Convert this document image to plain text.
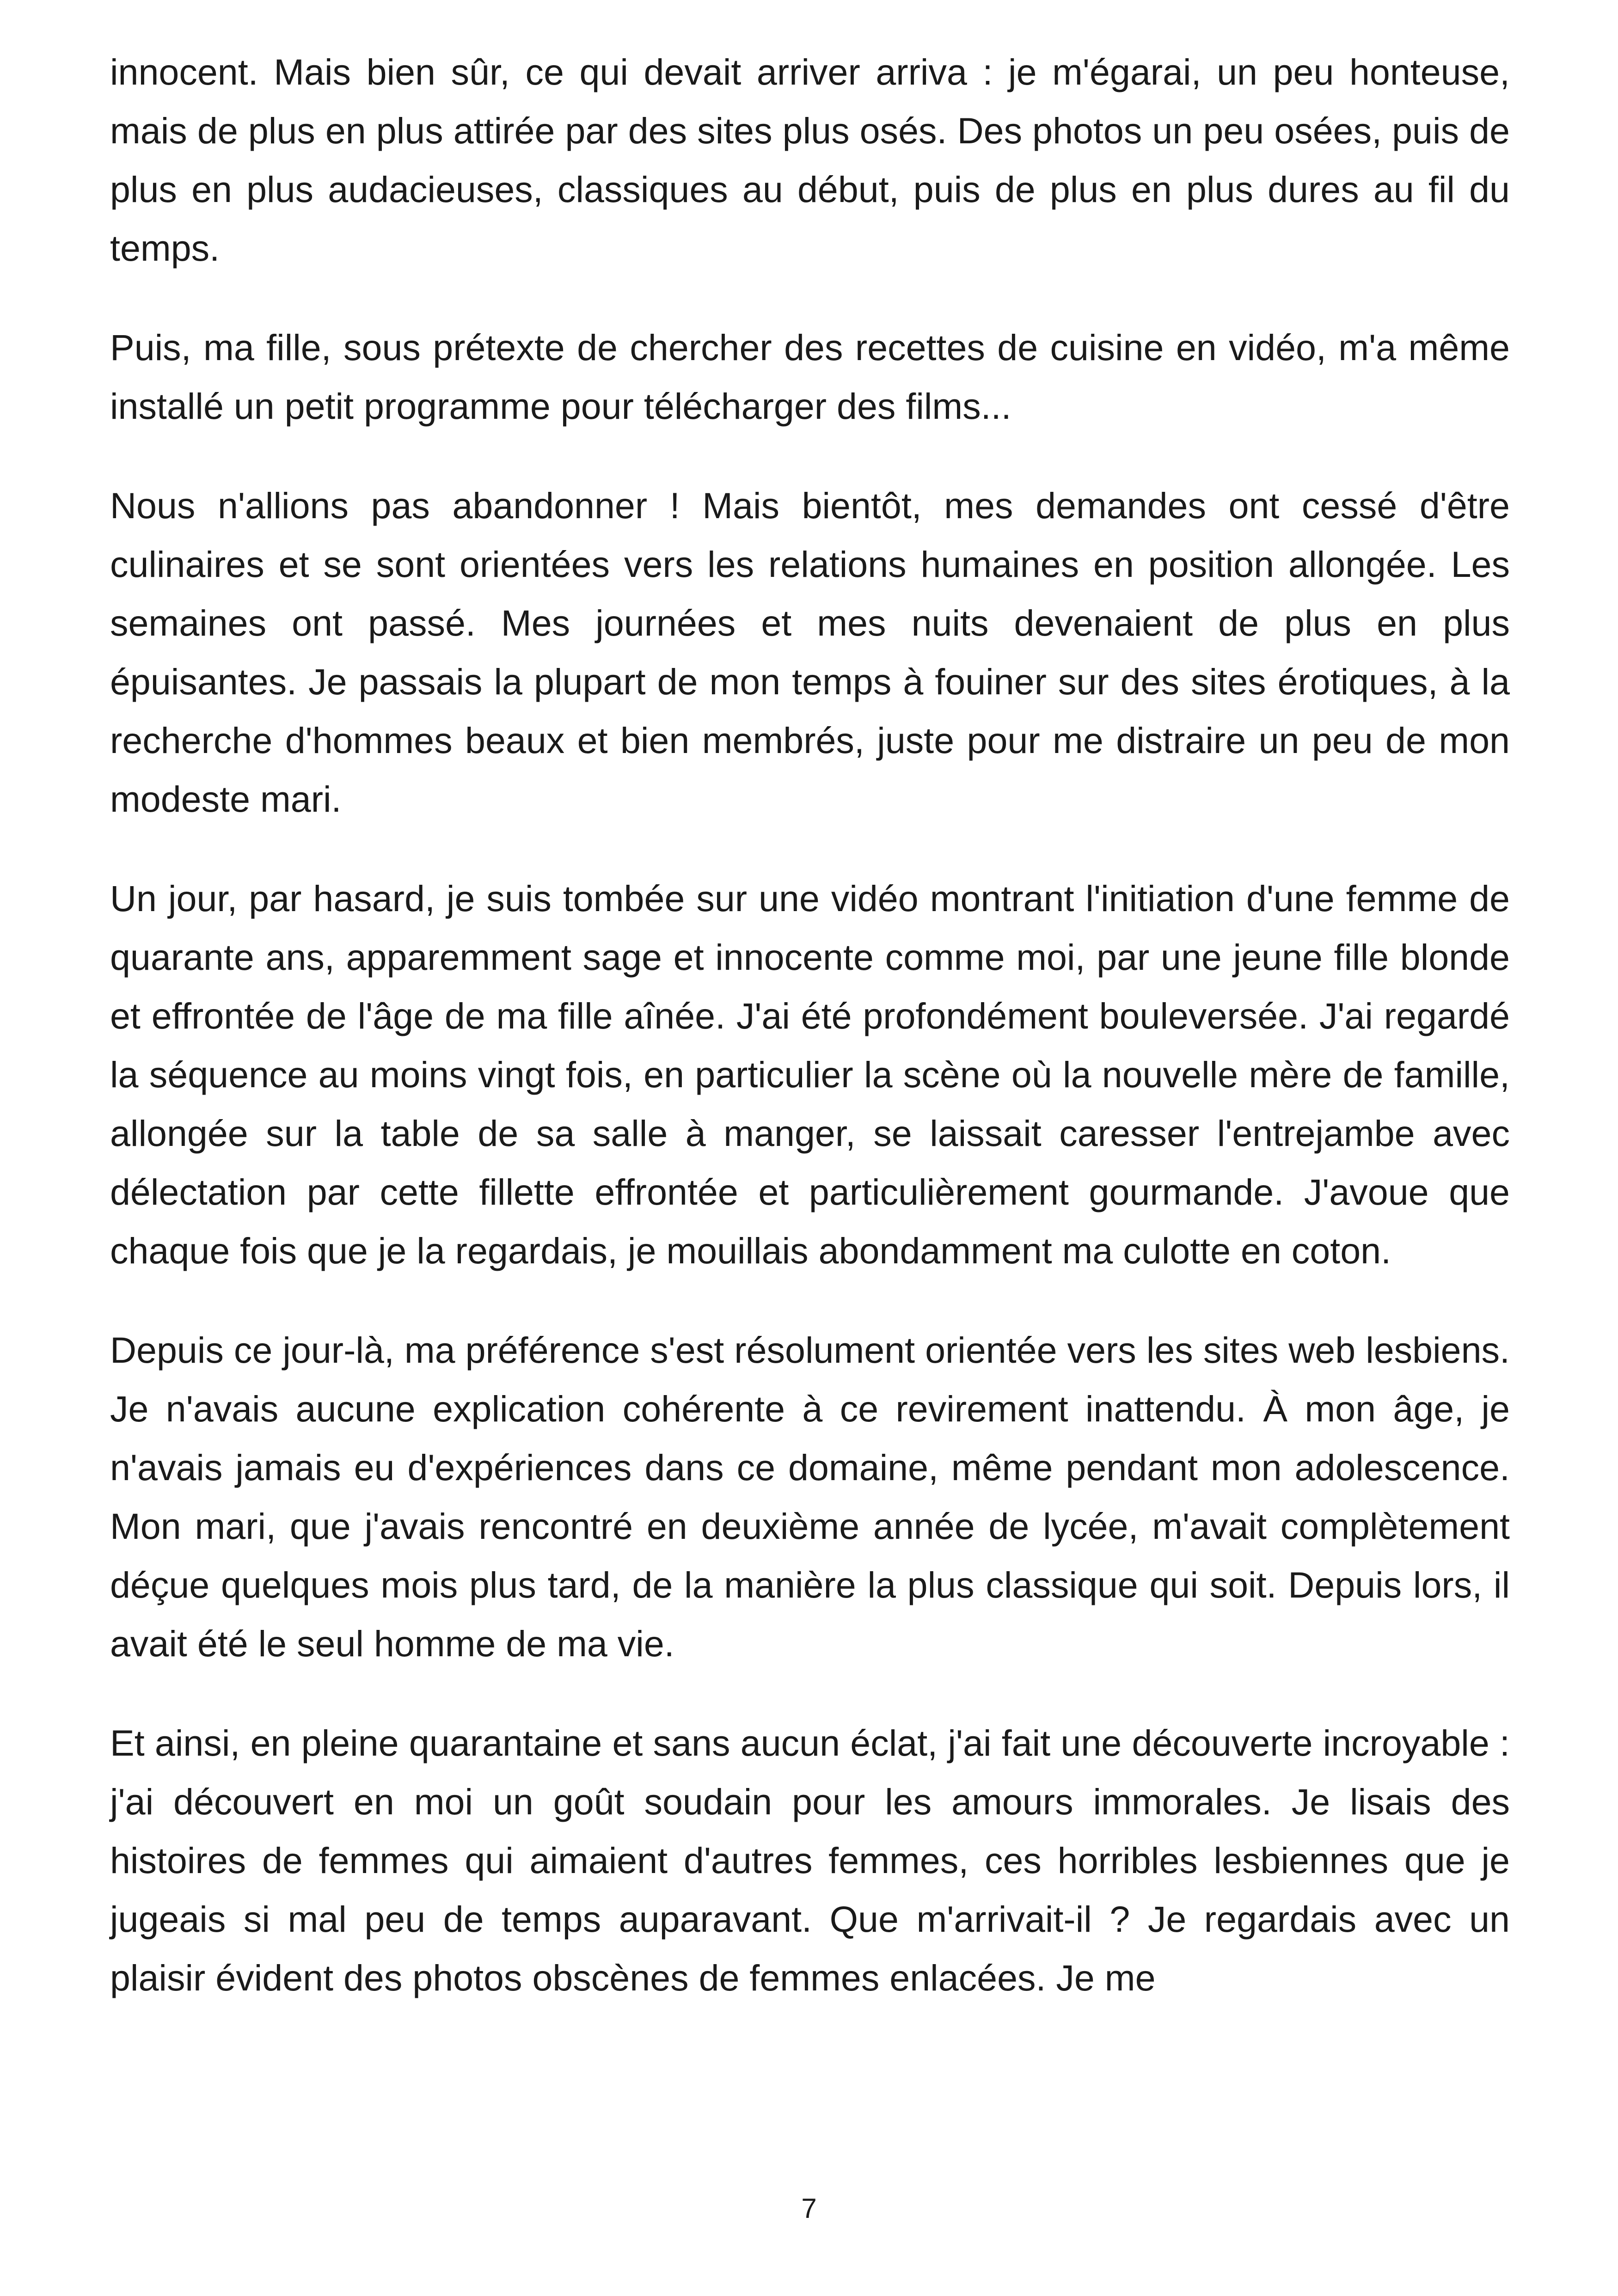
innocent. Mais bien sûr, ce qui devait arriver arriva : je m'égarai, un peu honteuse, mais de plus en plus attirée par des sites plus osés. Des photos un peu osées, puis de plus en plus audacieuses, classiques au début, puis de plus en plus dures au fil du temps.

Puis, ma fille, sous prétexte de chercher des recettes de cuisine en vidéo, m'a même installé un petit programme pour télécharger des films...

Nous n'allions pas abandonner ! Mais bientôt, mes demandes ont cessé d'être culinaires et se sont orientées vers les relations humaines en position allongée. Les semaines ont passé. Mes journées et mes nuits devenaient de plus en plus épuisantes. Je passais la plupart de mon temps à fouiner sur des sites érotiques, à la recherche d'hommes beaux et bien membrés, juste pour me distraire un peu de mon modeste mari.

Un jour, par hasard, je suis tombée sur une vidéo montrant l'initiation d'une femme de quarante ans, apparemment sage et innocente comme moi, par une jeune fille blonde et effrontée de l'âge de ma fille aînée. J'ai été profondément bouleversée. J'ai regardé la séquence au moins vingt fois, en particulier la scène où la nouvelle mère de famille, allongée sur la table de sa salle à manger, se laissait caresser l'entrejambe avec délectation par cette fillette effrontée et particulièrement gourmande. J'avoue que chaque fois que je la regardais, je mouillais abondamment ma culotte en coton.

Depuis ce jour-là, ma préférence s'est résolument orientée vers les sites web lesbiens. Je n'avais aucune explication cohérente à ce revirement inattendu. À mon âge, je n'avais jamais eu d'expériences dans ce domaine, même pendant mon adolescence. Mon mari, que j'avais rencontré en deuxième année de lycée, m'avait complètement déçue quelques mois plus tard, de la manière la plus classique qui soit. Depuis lors, il avait été le seul homme de ma vie.

Et ainsi, en pleine quarantaine et sans aucun éclat, j'ai fait une découverte incroyable : j'ai découvert en moi un goût soudain pour les amours immorales. Je lisais des histoires de femmes qui aimaient d'autres femmes, ces horribles lesbiennes que je jugeais si mal peu de temps auparavant. Que m'arrivait-il ? Je regardais avec un plaisir évident des photos obscènes de femmes enlacées. Je me

7
